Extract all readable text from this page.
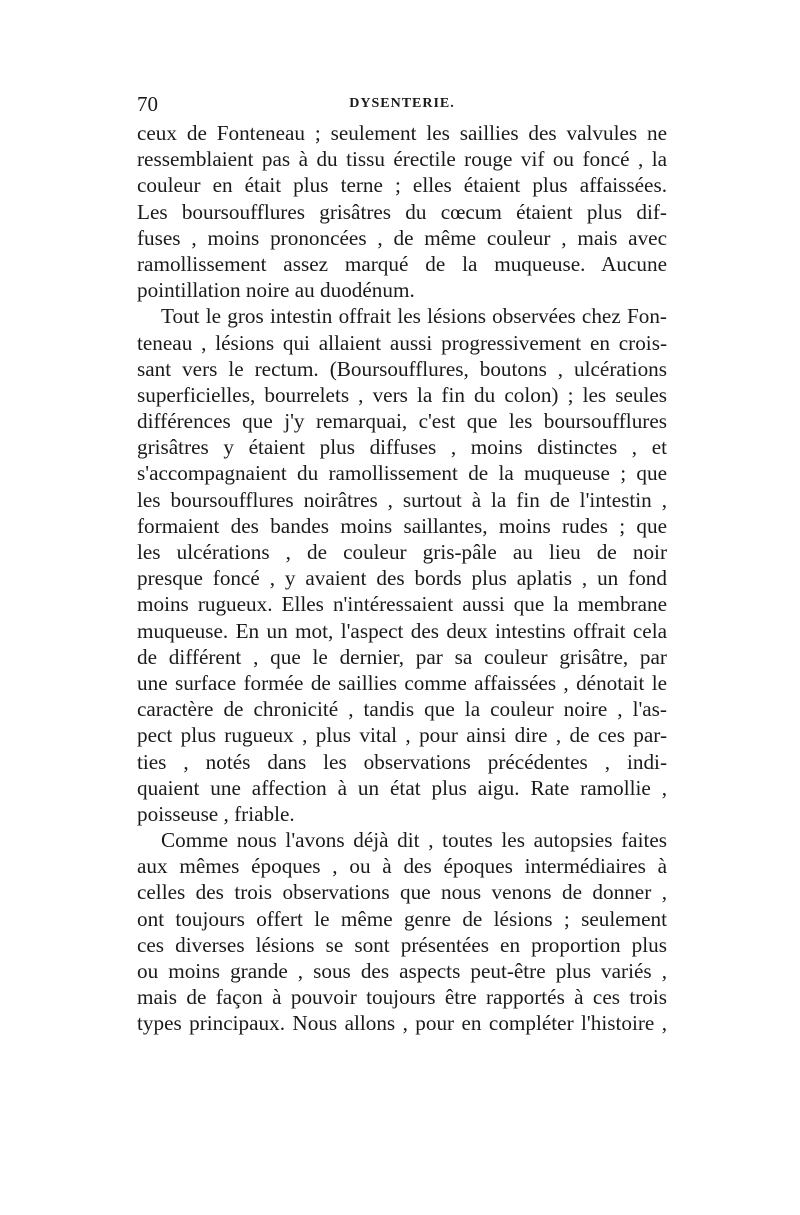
70	DYSENTERIE.
ceux de Fonteneau ; seulement les saillies des valvules ne
ressemblaient pas à du tissu érectile rouge vif ou foncé , la
couleur en était plus terne ; elles étaient plus affaissées.
Les boursoufflures grisâtres du cœcum étaient plus dif-
fuses , moins prononcées , de même couleur , mais avec
ramollissement assez marqué de la muqueuse. Aucune
pointillation noire au duodénum.
Tout le gros intestin offrait les lésions observées chez Fon-
teneau , lésions qui allaient aussi progressivement en crois-
sant vers le rectum. (Boursoufflures, boutons , ulcérations
superficielles, bourrelets , vers la fin du colon) ; les seules
différences que j'y remarquai, c'est que les boursoufflures
grisâtres y étaient plus diffuses , moins distinctes , et
s'accompagnaient du ramollissement de la muqueuse ; que
les boursoufflures noirâtres , surtout à la fin de l'intestin ,
formaient des bandes moins saillantes, moins rudes ; que
les ulcérations , de couleur gris-pâle au lieu de noir
presque foncé , y avaient des bords plus aplatis , un fond
moins rugueux. Elles n'intéressaient aussi que la membrane
muqueuse. En un mot, l'aspect des deux intestins offrait cela
de différent , que le dernier, par sa couleur grisâtre, par
une surface formée de saillies comme affaissées , dénotait le
caractère de chronicité , tandis que la couleur noire , l'as-
pect plus rugueux , plus vital , pour ainsi dire , de ces par-
ties , notés dans les observations précédentes , indi-
quaient une affection à un état plus aigu. Rate ramollie ,
poisseuse , friable.
Comme nous l'avons déjà dit , toutes les autopsies faites
aux mêmes époques , ou à des époques intermédiaires à
celles des trois observations que nous venons de donner ,
ont toujours offert le même genre de lésions ; seulement
ces diverses lésions se sont présentées en proportion plus
ou moins grande , sous des aspects peut-être plus variés ,
mais de façon à pouvoir toujours être rapportés à ces trois
types principaux. Nous allons , pour en compléter l'histoire ,
